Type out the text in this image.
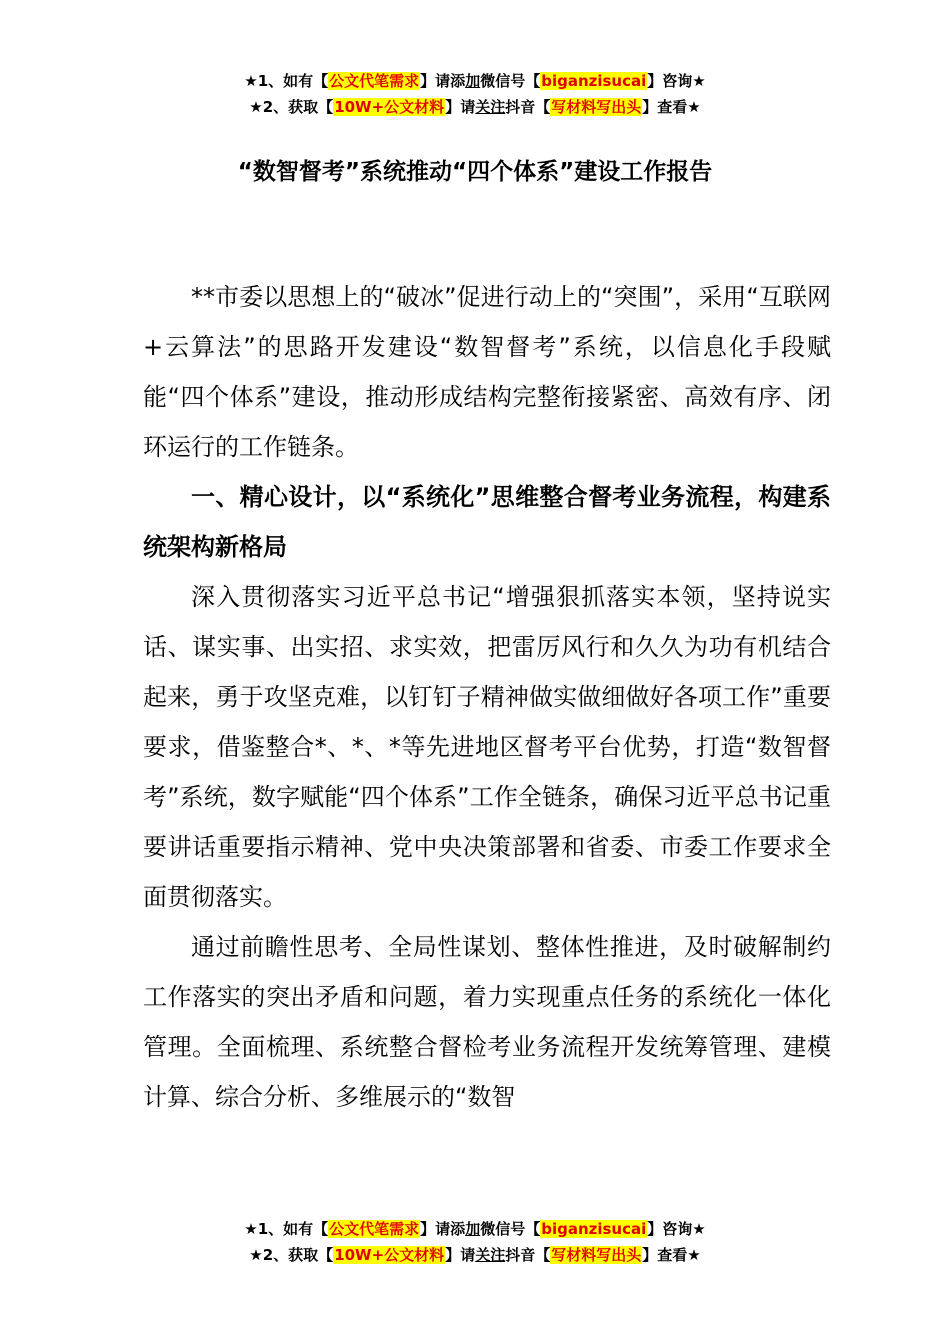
★1、如有【公文代笔需求】请添加微信号【biganzisucai】咨询★
★2、获取【10W+公文材料】请关注抖音【写材料写出头】查看★
“数智督考”系统推动“四个体系”建设工作报告

**市委以思想上的“破冰”促进行动上的“突围”，采用“互联网+云算法”的思路开发建设“数智督考”系统，以信息化手段赋能“四个体系”建设，推动形成结构完整衔接紧密、高效有序、闭环运行的工作链条。

一、精心设计，以“系统化”思维整合督考业务流程，构建系统架构新格局

深入贯彻落实习近平总书记“增强狠抓落实本领，坚持说实话、谋实事、出实招、求实效，把雷厉风行和久久为功有机结合起来，勇于攻坚克难，以钉钉子精神做实做细做好各项工作”重要要求，借鉴整合*、*、*等先进地区督考平台优势，打造“数智督考”系统，数字赋能“四个体系”工作全链条，确保习近平总书记重要讲话重要指示精神、党中央决策部署和省委、市委工作要求全面贯彻落实。

通过前瞻性思考、全局性谋划、整体性推进，及时破解制约工作落实的突出矛盾和问题，着力实现重点任务的系统化一体化管理。全面梳理、系统整合督检考业务流程开发统筹管理、建模计算、综合分析、多维展示的“数智

★1、如有【公文代笔需求】请添加微信号【biganzisucai】咨询★
★2、获取【10W+公文材料】请关注抖音【写材料写出头】查看★
